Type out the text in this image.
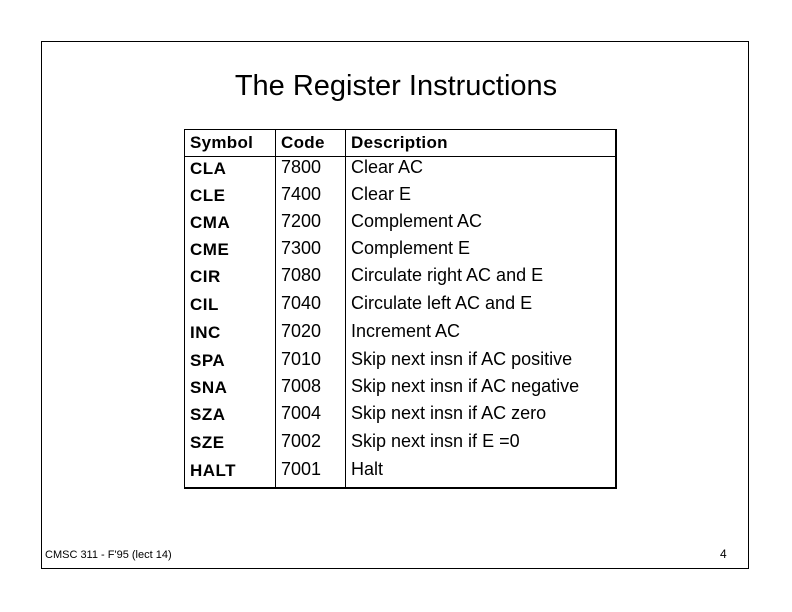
The Register Instructions
Symbol	Code	Description
CLA	7800	Clear AC
CLE	7400	Clear E
CMA	7200	Complement AC
CME	7300	Complement E
CIR	7080	Circulate right AC and E
CIL	7040	Circulate left AC and E
INC	7020	Increment AC
SPA	7010	Skip next insn if AC positive
SNA	7008	Skip next insn if AC negative
SZA	7004	Skip next insn if AC zero
SZE	7002	Skip next insn if E =0
HALT	7001	Halt
CMSC 311 - F'95 (lect 14)	4
